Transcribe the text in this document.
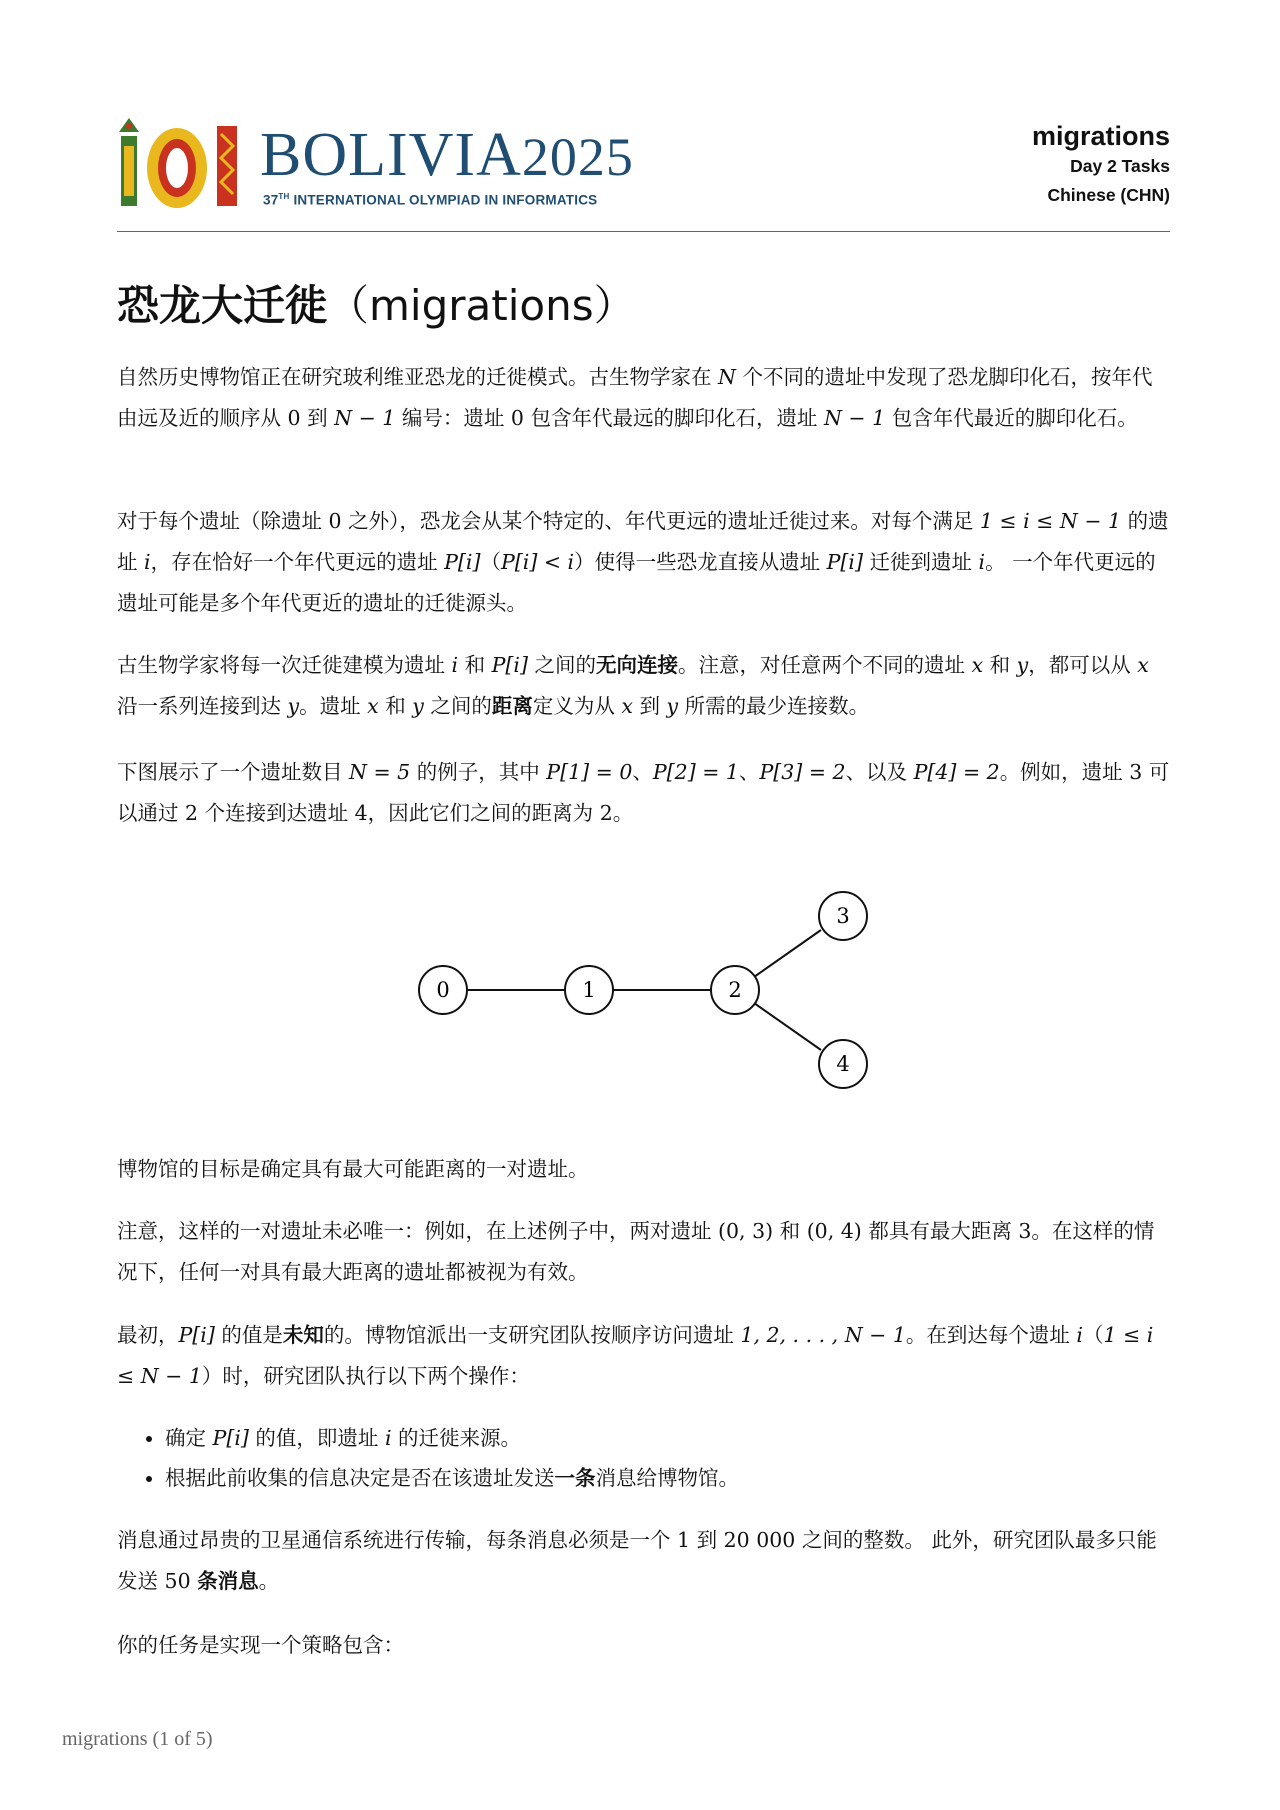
BOLIVIA2025
37TH INTERNATIONAL OLYMPIAD IN INFORMATICS
migrations
Day 2 Tasks
Chinese (CHN)
恐龙大迁徙（migrations）

自然历史博物馆正在研究玻利维亚恐龙的迁徙模式。古生物学家在 N 个不同的遗址中发现了恐龙脚印化石，按年代由远及近的顺序从 0 到 N − 1 编号：遗址 0 包含年代最远的脚印化石，遗址 N − 1 包含年代最近的脚印化石。

对于每个遗址（除遗址 0 之外），恐龙会从某个特定的、年代更远的遗址迁徙过来。对每个满足 1 ≤ i ≤ N − 1 的遗址 i，存在恰好一个年代更远的遗址 P[i]（P[i] < i）使得一些恐龙直接从遗址 P[i] 迁徙到遗址 i。 一个年代更远的遗址可能是多个年代更近的遗址的迁徙源头。

古生物学家将每一次迁徙建模为遗址 i 和 P[i] 之间的无向连接。注意，对任意两个不同的遗址 x 和 y，都可以从 x 沿一系列连接到达 y。遗址 x 和 y 之间的距离定义为从 x 到 y 所需的最少连接数。

下图展示了一个遗址数目 N = 5 的例子，其中 P[1] = 0、P[2] = 1、P[3] = 2、以及 P[4] = 2。例如，遗址 3 可以通过 2 个连接到达遗址 4，因此它们之间的距离为 2。

0	1	2
3
4

博物馆的目标是确定具有最大可能距离的一对遗址。

注意，这样的一对遗址未必唯一：例如，在上述例子中，两对遗址 (0, 3) 和 (0, 4) 都具有最大距离 3。在这样的情况下，任何一对具有最大距离的遗址都被视为有效。

最初，P[i] 的值是未知的。博物馆派出一支研究团队按顺序访问遗址 1, 2, . . . , N − 1。在到达每个遗址 i（1 ≤ i ≤ N − 1）时，研究团队执行以下两个操作：

• 确定 P[i] 的值，即遗址 i 的迁徙来源。
• 根据此前收集的信息决定是否在该遗址发送一条消息给博物馆。

消息通过昂贵的卫星通信系统进行传输，每条消息必须是一个 1 到 20 000 之间的整数。 此外，研究团队最多只能发送 50 条消息。

你的任务是实现一个策略包含：

migrations (1 of 5)
